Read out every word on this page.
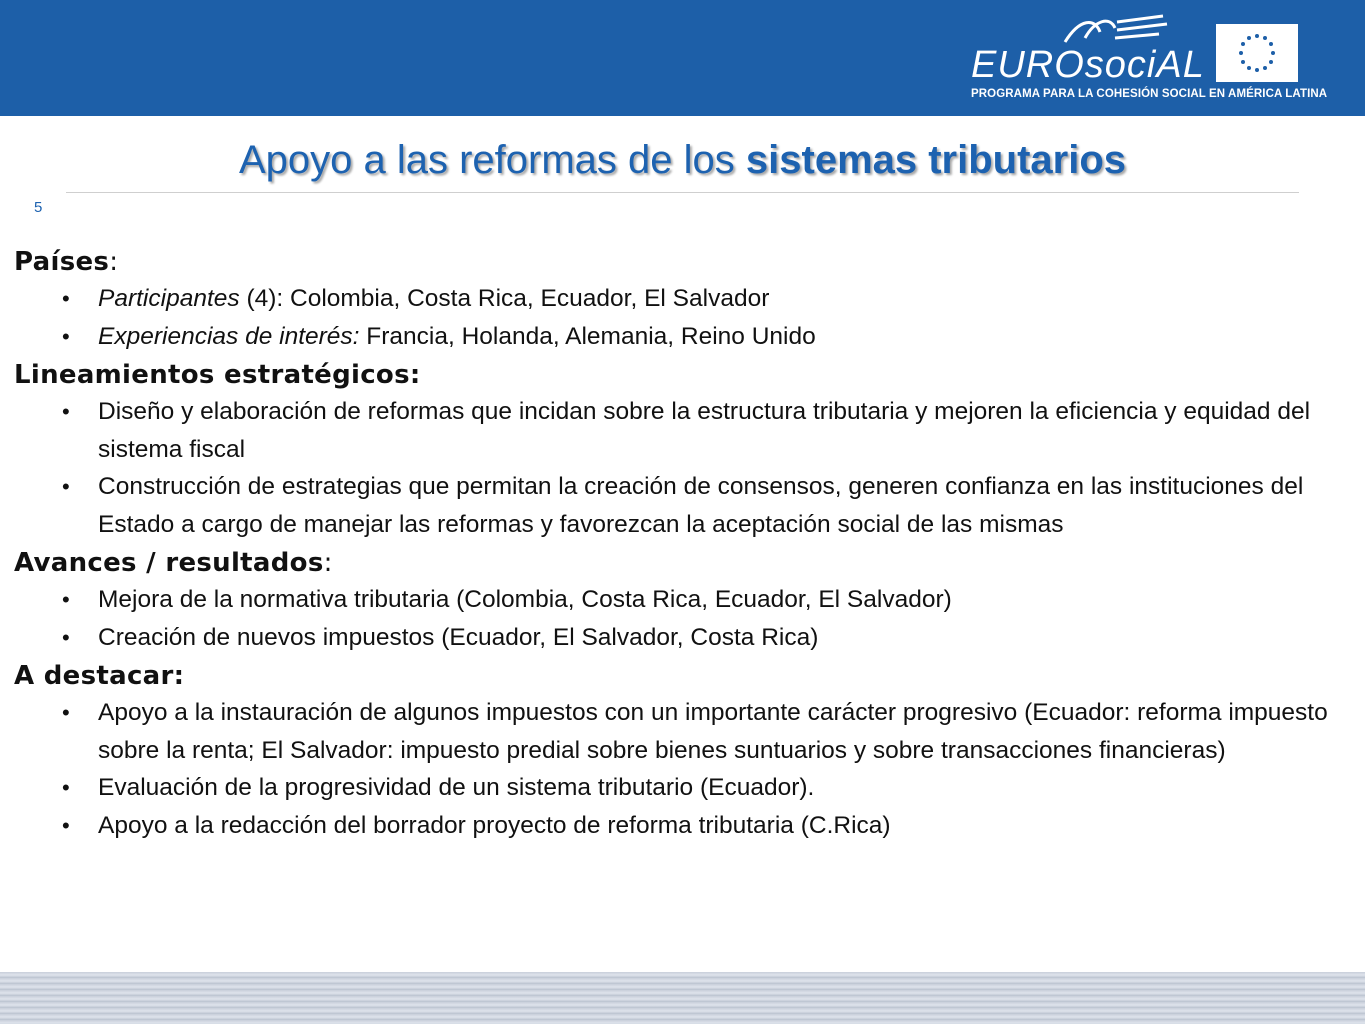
EUROsociAL
PROGRAMA PARA LA COHESIÓN SOCIAL EN AMÉRICA LATINA
Apoyo a las reformas de los sistemas tributarios
5

Países:

• Participantes (4): Colombia, Costa Rica, Ecuador, El Salvador
• Experiencias de interés: Francia, Holanda, Alemania, Reino Unido

Lineamientos estratégicos:

• Diseño y elaboración de reformas que incidan sobre la estructura tributaria y mejoren la eficiencia y equidad del sistema fiscal
• Construcción de estrategias que permitan la creación de consensos, generen confianza en las instituciones del Estado a cargo de manejar las reformas y favorezcan la aceptación social de las mismas

Avances / resultados:

• Mejora de la normativa tributaria (Colombia, Costa Rica, Ecuador, El Salvador)
• Creación de nuevos impuestos (Ecuador, El Salvador, Costa Rica)

A destacar:

• Apoyo a la instauración de algunos impuestos con un importante carácter progresivo (Ecuador: reforma impuesto sobre la renta; El Salvador: impuesto predial sobre bienes suntuarios y sobre transacciones financieras)
• Evaluación de la progresividad de un sistema tributario (Ecuador).
• Apoyo a la redacción del borrador proyecto de reforma tributaria (C.Rica)
